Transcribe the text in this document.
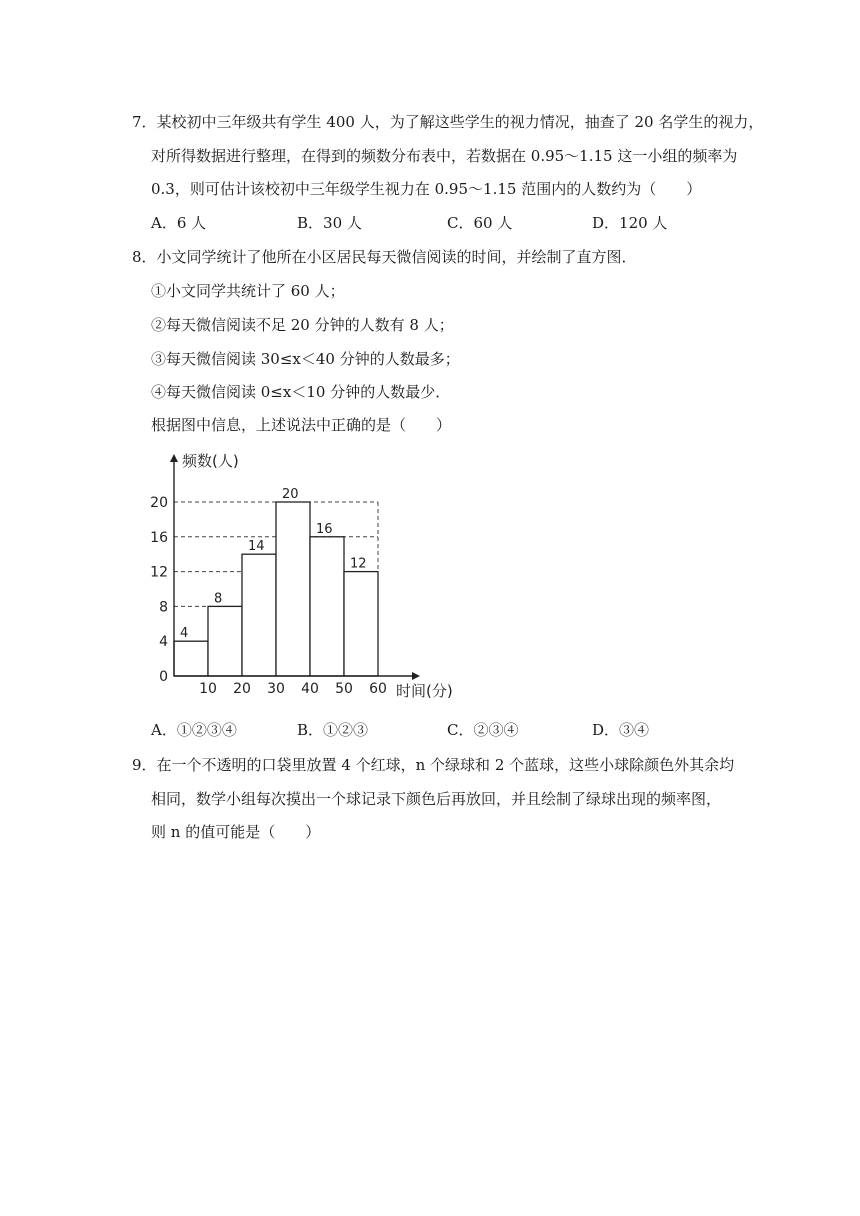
7．某校初中三年级共有学生 400 人，为了解这些学生的视力情况，抽查了 20 名学生的视力，
对所得数据进行整理，在得到的频数分布表中，若数据在 0.95～1.15 这一小组的频率为
0.3，则可估计该校初中三年级学生视力在 0.95～1.15 范围内的人数约为（　　）
A．6 人	B．30 人	C．60 人	D．120 人
8．小文同学统计了他所在小区居民每天微信阅读的时间，并绘制了直方图．
①小文同学共统计了 60 人；
②每天微信阅读不足 20 分钟的人数有 8 人；
③每天微信阅读 30≤x＜40 分钟的人数最多；
④每天微信阅读 0≤x＜10 分钟的人数最少．
根据图中信息，上述说法中正确的是（　　）
4
8
14
20
16
12
0
4
8
12
16
20
10 20 30 40 50 60
频数(人)
时间(分)
A．①②③④	B．①②③	C．②③④	D．③④
9．在一个不透明的口袋里放置 4 个红球，n 个绿球和 2 个蓝球，这些小球除颜色外其余均
相同，数学小组每次摸出一个球记录下颜色后再放回，并且绘制了绿球出现的频率图，
则 n 的值可能是（　　）
